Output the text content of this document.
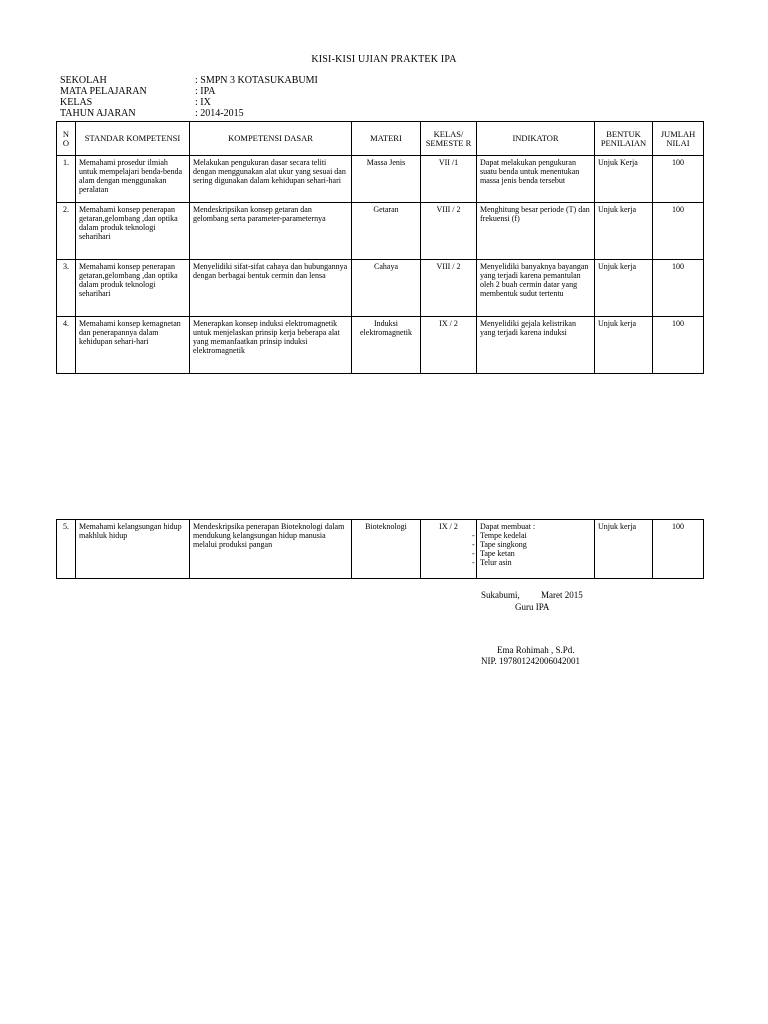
KISI-KISI UJIAN PRAKTEK IPA
SEKOLAH	: SMPN 3 KOTASUKABUMI
MATA PELAJARAN	: IPA
KELAS	: IX
TAHUN AJARAN	: 2014-2015
N O	STANDAR KOMPETENSI	KOMPETENSI DASAR	MATERI	KELAS/ SEMESTE R	INDIKATOR	BENTUK PENILAIAN	JUMLAH NILAI
1.	Memahami prosedur ilmiah untuk mempelajari benda-benda alam dengan menggunakan peralatan	Melakukan pengukuran dasar secara teliti dengan menggunakan alat ukur yang sesuai dan sering digunakan dalam kehidupan sehari-hari	Massa Jenis	VII /1	Dapat melakukan pengukuran suatu benda untuk menentukan massa jenis benda tersebut	Unjuk Kerja	100
2.	Memahami konsep penerapan getaran,gelombang ,dan optika dalam produk teknologi seharihari	Mendeskripsikan konsep getaran dan gelombang serta parameter-parameternya	Getaran	VIII / 2	Menghitung besar periode (T) dan frekuensi (f)	Unjuk kerja	100
3.	Memahami konsep penerapan getaran,gelombang ,dan optika dalam produk teknologi seharihari	Menyelidiki sifat-sifat cahaya dan hubungannya dengan berbagai bentuk cermin dan lensa	Cahaya	VIII / 2	Menyelidiki banyaknya bayangan yang terjadi karena pemantulan oleh 2 buah cermin datar yang membentuk sudut tertentu	Unjuk kerja	100
4.	Memahami konsep kemagnetan dan penerapannya dalam kehidupan sehari-hari	Menerapkan konsep induksi elektromagnetik untuk menjelaskan prinsip kerja beberapa alat yang memanfaatkan prinsip induksi elektromagnetik	Induksi elektromagnetik	IX / 2	Menyelidiki gejala kelistrikan yang terjadi karena induksi	Unjuk kerja	100
5.	Memahami kelangsungan hidup makhluk hidup	Mendeskripsika penerapan Bioteknologi dalam mendukung kelangsungan hidup manusia melalui produksi pangan	Bioteknologi	IX / 2	Dapat membuat :
- Tempe kedelai
- Tape singkong
- Tape ketan
- Telur asin
	Unjuk kerja	100
Sukabumi, Maret 2015
Guru IPA
Ema Rohimah , S.Pd.
NIP. 197801242006042001
